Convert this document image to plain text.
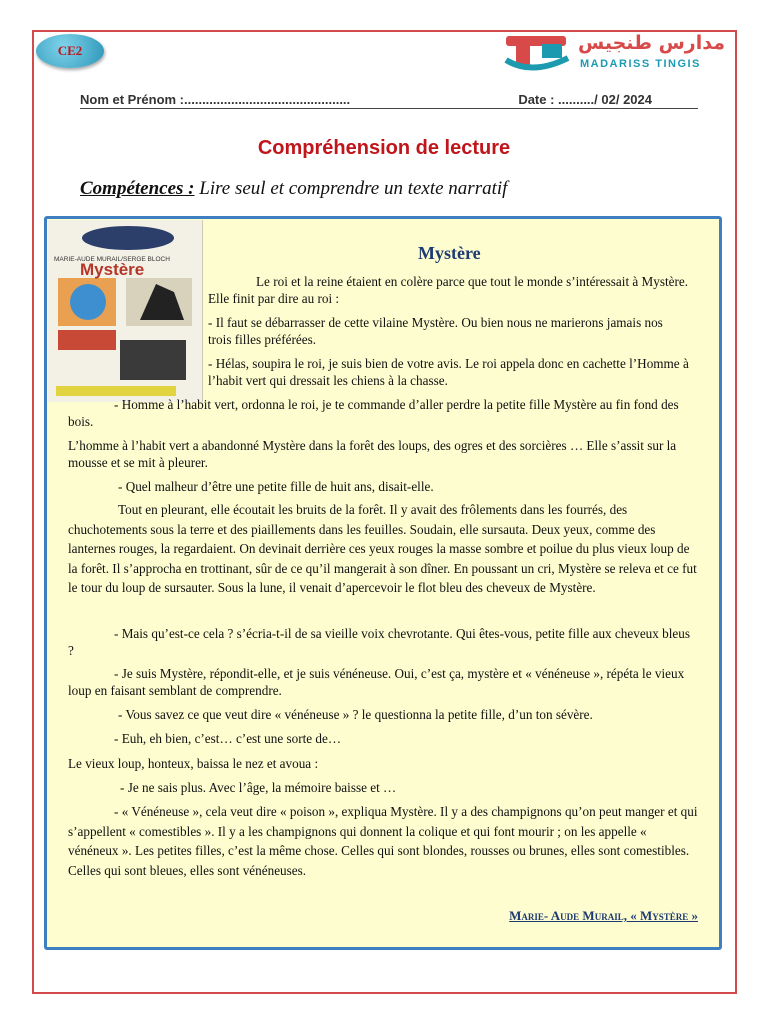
CE2	مدارس طنجيس
MADARISS TINGIS
Nom et Prénom :..............................................	Date : ........../ 02/ 2024
Compréhension de lecture
Compétences : Lire seul et comprendre un texte narratif
MARIE-AUDE MURAIL/SERGE BLOCH
Mystère
Mystère

Le roi et la reine étaient en colère parce que tout le monde s’intéressait à Mystère. Elle finit par dire au roi :

- Il faut se débarrasser de cette vilaine Mystère. Ou bien nous ne marierons jamais nos trois filles préférées.

- Hélas, soupira le roi, je suis bien de votre avis. Le roi appela donc en cachette l’Homme à l’habit vert qui dressait les chiens à la chasse.

- Homme à l’habit vert, ordonna le roi, je te commande d’aller perdre la petite fille Mystère au fin fond des bois.

L’homme à l’habit vert a abandonné Mystère dans la forêt des loups, des ogres et des sorcières … Elle s’assit sur la mousse et se mit à pleurer.

- Quel malheur d’être une petite fille de huit ans, disait-elle.

Tout en pleurant, elle écoutait les bruits de la forêt. Il y avait des frôlements dans les fourrés, des chuchotements sous la terre et des piaillements dans les feuilles. Soudain, elle sursauta. Deux yeux, comme des lanternes rouges, la regardaient. On devinait derrière ces yeux rouges la masse sombre et poilue du plus vieux loup de la forêt. Il s’approcha en trottinant, sûr de ce qu’il mangerait à son dîner. En poussant un cri, Mystère se releva et ce fut le tour du loup de sursauter. Sous la lune, il venait d’apercevoir le flot bleu des cheveux de Mystère.

- Mais qu’est-ce cela ? s’écria-t-il de sa vieille voix chevrotante. Qui êtes-vous, petite fille aux cheveux bleus ?

- Je suis Mystère, répondit-elle, et je suis vénéneuse. Oui, c’est ça, mystère et « vénéneuse », répéta le vieux loup en faisant semblant de comprendre.

- Vous savez ce que veut dire « vénéneuse » ? le questionna la petite fille, d’un ton sévère.

- Euh, eh bien, c’est… c’est une sorte de…

Le vieux loup, honteux, baissa le nez et avoua :

- Je ne sais plus. Avec l’âge, la mémoire baisse et …

- « Vénéneuse », cela veut dire « poison », expliqua Mystère. Il y a des champignons qu’on peut manger et qui s’appellent « comestibles ». Il y a les champignons qui donnent la colique et qui font mourir ; on les appelle « vénéneux ». Les petites filles, c’est la même chose. Celles qui sont blondes, rousses ou brunes, elles sont comestibles. Celles qui sont bleues, elles sont vénéneuses.

Marie- Aude Murail, « Mystère »
